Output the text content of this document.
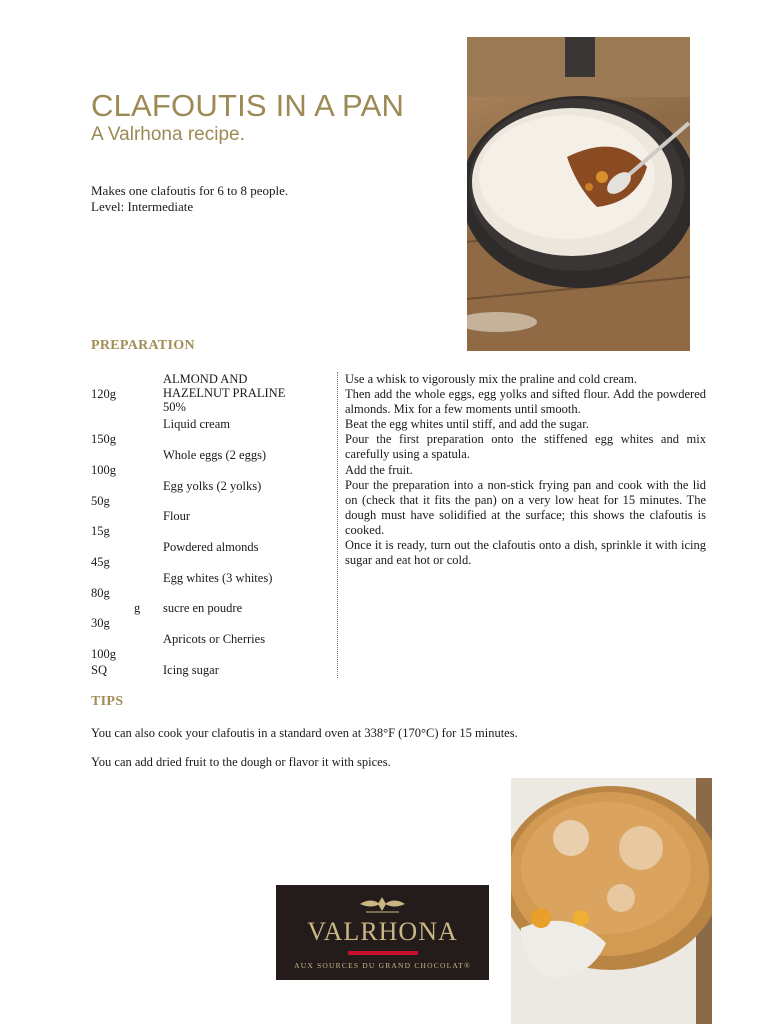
CLAFOUTIS IN A PAN
A Valrhona recipe.
Makes one clafoutis for 6 to 8 people.
Level: Intermediate
PREPARATION
ALMOND AND
HAZELNUT PRALINE
50%
120g
Liquid cream
150g
Whole eggs (2 eggs)
100g
Egg yolks (2 yolks)
50g
Flour
15g
Powdered almonds
45g
Egg whites (3 whites)
80g
g sucre en poudre
30g
Apricots or Cherries
100g
SQ	Icing sugar

Use a whisk to vigorously mix the praline and cold cream.

Then add the whole eggs, egg yolks and sifted flour. Add the powdered almonds. Mix for a few moments until smooth.

Beat the egg whites until stiff, and add the sugar.

Pour the first preparation onto the stiffened egg whites and mix carefully using a spatula.

Add the fruit.

Pour the preparation into a non-stick frying pan and cook with the lid on (check that it fits the pan) on a very low heat for 15 minutes. The dough must have solidified at the surface; this shows the clafoutis is cooked.

Once it is ready, turn out the clafoutis onto a dish, sprinkle it with icing sugar and eat hot or cold.

TIPS

You can also cook your clafoutis in a standard oven at 338°F (170°C) for 15 minutes.

You can add dried fruit to the dough or flavor it with spices.

VALRHONA
AUX SOURCES DU GRAND CHOCOLAT®
